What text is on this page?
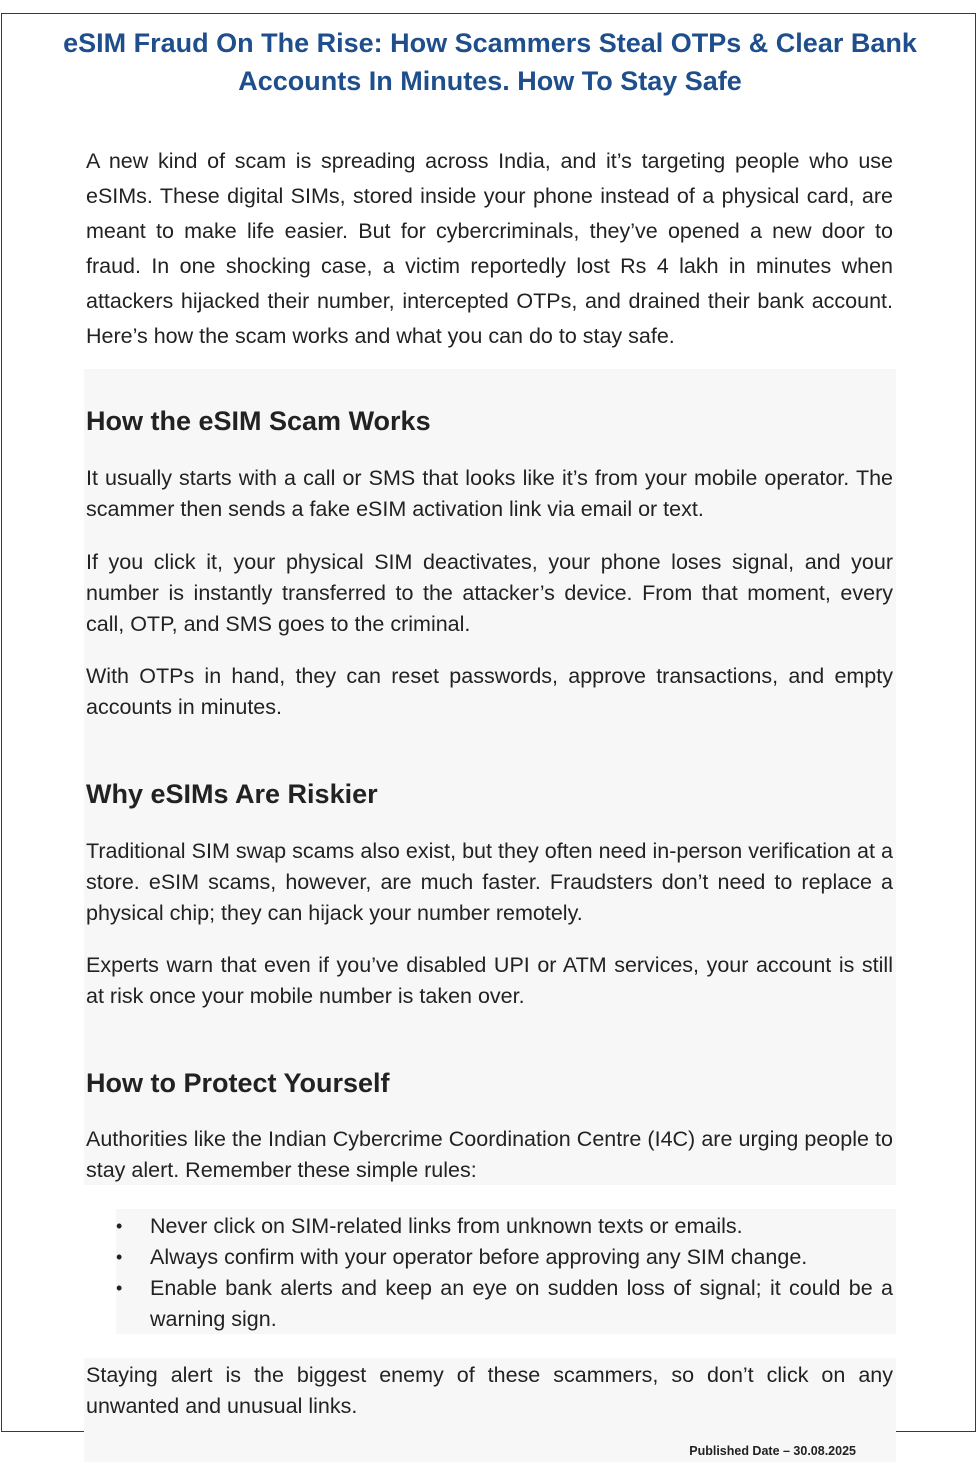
eSIM Fraud On The Rise: How Scammers Steal OTPs & Clear Bank Accounts In Minutes. How To Stay Safe

A new kind of scam is spreading across India, and it’s targeting people who use eSIMs. These digital SIMs, stored inside your phone instead of a physical card, are meant to make life easier. But for cybercriminals, they’ve opened a new door to fraud. In one shocking case, a victim reportedly lost Rs 4 lakh in minutes when attackers hijacked their number, intercepted OTPs, and drained their bank account. Here’s how the scam works and what you can do to stay safe.

How the eSIM Scam Works

It usually starts with a call or SMS that looks like it’s from your mobile operator. The scammer then sends a fake eSIM activation link via email or text.

If you click it, your physical SIM deactivates, your phone loses signal, and your number is instantly transferred to the attacker’s device. From that moment, every call, OTP, and SMS goes to the criminal.

With OTPs in hand, they can reset passwords, approve transactions, and empty accounts in minutes.

Why eSIMs Are Riskier

Traditional SIM swap scams also exist, but they often need in-person verification at a store. eSIM scams, however, are much faster. Fraudsters don’t need to replace a physical chip; they can hijack your number remotely.

Experts warn that even if you’ve disabled UPI or ATM services, your account is still at risk once your mobile number is taken over.

How to Protect Yourself

Authorities like the Indian Cybercrime Coordination Centre (I4C) are urging people to stay alert. Remember these simple rules:

•	Never click on SIM-related links from unknown texts or emails.
•	Always confirm with your operator before approving any SIM change.
•	Enable bank alerts and keep an eye on sudden loss of signal; it could be a warning sign.

Staying alert is the biggest enemy of these scammers, so don’t click on any unwanted and unusual links.

Published Date – 30.08.2025
